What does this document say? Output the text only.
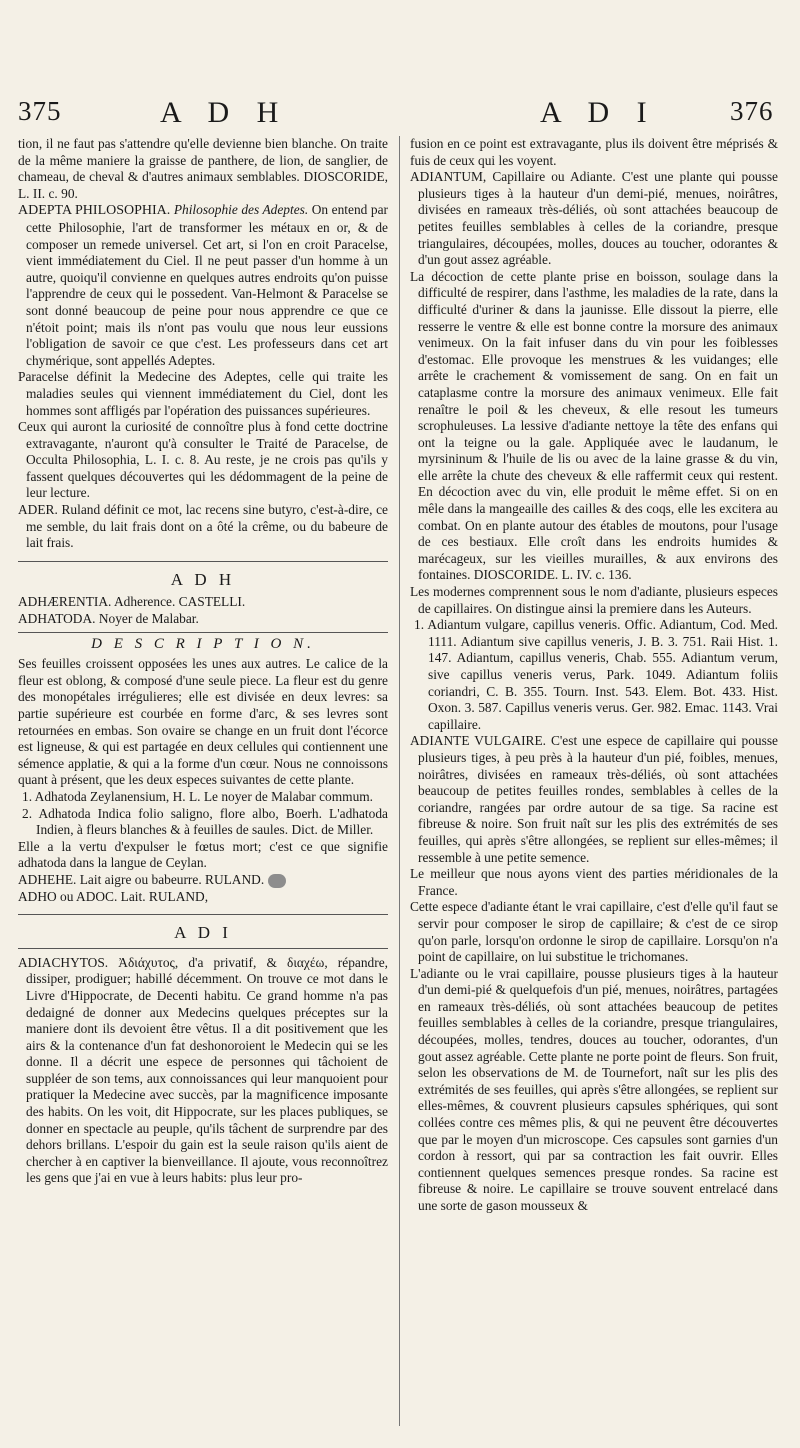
375	A D H	A D I	376

tion, il ne faut pas s'attendre qu'elle devienne bien blanche. On traite de la même maniere la graisse de panthere, de lion, de sanglier, de chameau, de cheval & d'autres animaux semblables. DIOSCORIDE, L. II. c. 90.

ADEPTA PHILOSOPHIA. Philosophie des Adeptes. On entend par cette Philosophie, l'art de transformer les métaux en or, & de composer un remede universel. Cet art, si l'on en croit Paracelse, vient immédiatement du Ciel. Il ne peut passer d'un homme à un autre, quoiqu'il convienne en quelques autres endroits qu'on puisse l'apprendre de ceux qui le possedent. Van-Helmont & Paracelse se sont donné beaucoup de peine pour nous apprendre ce que ce n'étoit point; mais ils n'ont pas voulu que nous leur eussions l'obligation de savoir ce que c'est. Les professeurs dans cet art chymérique, sont appellés Adeptes.

Paracelse définit la Medecine des Adeptes, celle qui traite les maladies seules qui viennent immédiatement du Ciel, dont les hommes sont affligés par l'opération des puissances supérieures.

Ceux qui auront la curiosité de connoître plus à fond cette doctrine extravagante, n'auront qu'à consulter le Traité de Paracelse, de Occulta Philosophia, L. I. c. 8. Au reste, je ne crois pas qu'ils y fassent quelques découvertes qui les dédommagent de la peine de leur lecture.

ADER. Ruland définit ce mot, lac recens sine butyro, c'est-à-dire, ce me semble, du lait frais dont on a ôté la crême, ou du babeure de lait frais.

A D H

ADHÆRENTIA. Adherence. CASTELLI.

ADHATODA. Noyer de Malabar.

D E S C R I P T I O N.

Ses feuilles croissent opposées les unes aux autres. Le calice de la fleur est oblong, & composé d'une seule piece. La fleur est du genre des monopétales irrégulieres; elle est divisée en deux levres: sa partie supérieure est courbée en forme d'arc, & ses levres sont retournées en embas. Son ovaire se change en un fruit dont l'écorce est ligneuse, & qui est partagée en deux cellules qui contiennent une sémence applatie, & qui a la forme d'un cœur. Nous ne connoissons quant à présent, que les deux especes suivantes de cette plante.

1. Adhatoda Zeylanensium, H. L. Le noyer de Malabar commum.

2. Adhatoda Indica folio saligno, flore albo, Boerh. L'adhatoda Indien, à fleurs blanches & à feuilles de saules. Dict. de Miller.

Elle a la vertu d'expulser le fœtus mort; c'est ce que signifie adhatoda dans la langue de Ceylan.

ADHEHE. Lait aigre ou babeurre. RULAND.

ADHO ou ADOC. Lait. RULAND,

A D I

ADIACHYTOS. Ἀδιάχυτος, d'a privatif, & διαχέω, répandre, dissiper, prodiguer; habillé décemment. On trouve ce mot dans le Livre d'Hippocrate, de Decenti habitu. Ce grand homme n'a pas dedaigné de donner aux Medecins quelques préceptes sur la maniere dont ils devoient être vêtus. Il a dit positivement que les airs & la contenance d'un fat deshonoroient le Medecin qui se les donne. Il a décrit une espece de personnes qui tâchoient de suppléer de son tems, aux connoissances qui leur manquoient pour pratiquer la Medecine avec succès, par la magnificence imposante des habits. On les voit, dit Hippocrate, sur les places publiques, se donner en spectacle au peuple, qu'ils tâchent de surprendre par des dehors brillans. L'espoir du gain est la seule raison qu'ils aient de chercher à en captiver la bienveillance. Il ajoute, vous reconnoîtrez les gens que j'ai en vue à leurs habits: plus leur pro-

fusion en ce point est extravagante, plus ils doivent être méprisés & fuis de ceux qui les voyent.

ADIANTUM, Capillaire ou Adiante. C'est une plante qui pousse plusieurs tiges à la hauteur d'un demi-pié, menues, noirâtres, divisées en rameaux très-déliés, où sont attachées beaucoup de petites feuilles semblables à celles de la coriandre, presque triangulaires, découpées, molles, douces au toucher, odorantes & d'un gout assez agréable.

La décoction de cette plante prise en boisson, soulage dans la difficulté de respirer, dans l'asthme, les maladies de la rate, dans la difficulté d'uriner & dans la jaunisse. Elle dissout la pierre, elle resserre le ventre & elle est bonne contre la morsure des animaux venimeux. On la fait infuser dans du vin pour les foiblesses d'estomac. Elle provoque les menstrues & les vuidanges; elle arrête le crachement & vomissement de sang. On en fait un cataplasme contre la morsure des animaux venimeux. Elle fait renaître le poil & les cheveux, & elle resout les tumeurs scrophuleuses. La lessive d'adiante nettoye la tête des enfans qui ont la teigne ou la gale. Appliquée avec le laudanum, le myrsininum & l'huile de lis ou avec de la laine grasse & du vin, elle arrête la chute des cheveux & elle raffermit ceux qui restent. En décoction avec du vin, elle produit le même effet. Si on en mêle dans la mangeaille des cailles & des coqs, elle les excitera au combat. On en plante autour des étables de moutons, pour l'usage de ces bestiaux. Elle croît dans les endroits humides & marécageux, sur les vieilles murailles, & aux environs des fontaines. DIOSCORIDE. L. IV. c. 136.

Les modernes comprennent sous le nom d'adiante, plusieurs especes de capillaires. On distingue ainsi la premiere dans les Auteurs.

1. Adiantum vulgare, capillus veneris. Offic. Adiantum, Cod. Med. 1111. Adiantum sive capillus veneris, J. B. 3. 751. Raii Hist. 1. 147. Adiantum, capillus veneris, Chab. 555. Adiantum verum, sive capillus veneris verus, Park. 1049. Adiantum foliis coriandri, C. B. 355. Tourn. Inst. 543. Elem. Bot. 433. Hist. Oxon. 3. 587. Capillus veneris verus. Ger. 982. Emac. 1143. Vrai capillaire.

ADIANTE VULGAIRE. C'est une espece de capillaire qui pousse plusieurs tiges, à peu près à la hauteur d'un pié, foibles, menues, noirâtres, divisées en rameaux très-déliés, où sont attachées beaucoup de petites feuilles rondes, semblables à celles de la coriandre, rangées par ordre autour de sa tige. Sa racine est fibreuse & noire. Son fruit naît sur les plis des extrémités de ses feuilles, qui après s'être allongées, se replient sur elles-mêmes; il ressemble à une petite semence.

Le meilleur que nous ayons vient des parties méridionales de la France.

Cette espece d'adiante étant le vrai capillaire, c'est d'elle qu'il faut se servir pour composer le sirop de capillaire; & c'est de ce sirop qu'on parle, lorsqu'on ordonne le sirop de capillaire. Lorsqu'on n'a point de capillaire, on lui substitue le trichomanes.

L'adiante ou le vrai capillaire, pousse plusieurs tiges à la hauteur d'un demi-pié & quelquefois d'un pié, menues, noirâtres, partagées en rameaux très-déliés, où sont attachées beaucoup de petites feuilles semblables à celles de la coriandre, presque triangulaires, découpées, molles, tendres, douces au toucher, odorantes, d'un gout assez agréable. Cette plante ne porte point de fleurs. Son fruit, selon les observations de M. de Tournefort, naît sur les plis des extrémités de ses feuilles, qui après s'être allongées, se replient sur elles-mêmes, & couvrent plusieurs capsules sphériques, qui sont collées contre ces mêmes plis, & qui ne peuvent être découvertes que par le moyen d'un microscope. Ces capsules sont garnies d'un cordon à ressort, qui par sa contraction les fait ouvrir. Elles contiennent quelques semences presque rondes. Sa racine est fibreuse & noire. Le capillaire se trouve souvent entrelacé dans une sorte de gason mousseux &
